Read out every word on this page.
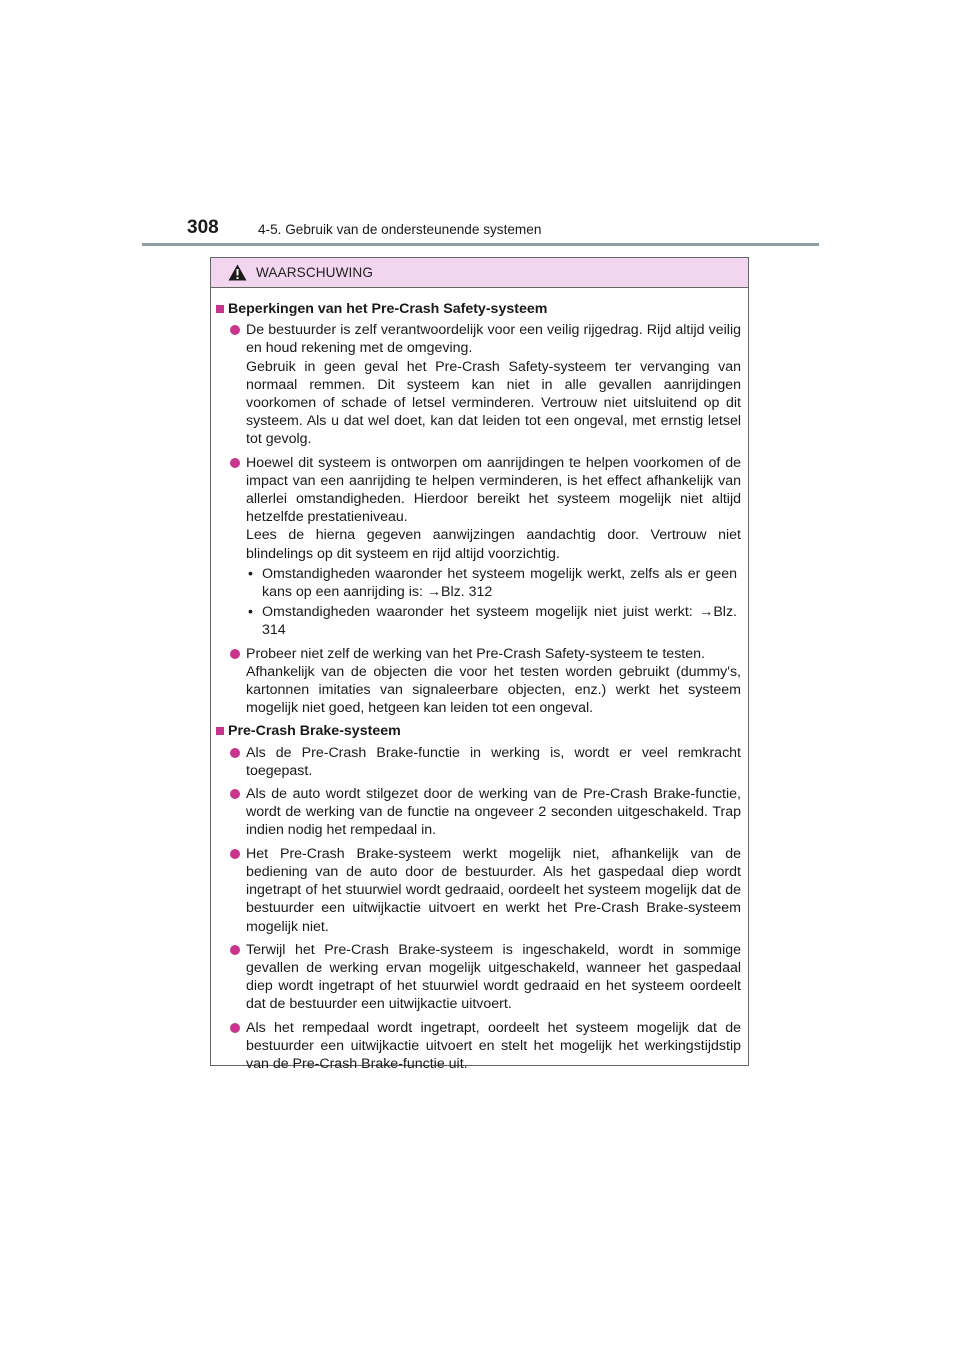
308	4-5. Gebruik van de ondersteunende systemen
WAARSCHUWING
Beperkingen van het Pre-Crash Safety-systeem

De bestuurder is zelf verantwoordelijk voor een veilig rijgedrag. Rijd altijd veilig en houd rekening met de omgeving.

Gebruik in geen geval het Pre-Crash Safety-systeem ter vervanging van normaal remmen. Dit systeem kan niet in alle gevallen aanrijdingen voorkomen of schade of letsel verminderen. Vertrouw niet uitsluitend op dit systeem. Als u dat wel doet, kan dat leiden tot een ongeval, met ernstig letsel tot gevolg.

Hoewel dit systeem is ontworpen om aanrijdingen te helpen voorkomen of de impact van een aanrijding te helpen verminderen, is het effect afhankelijk van allerlei omstandigheden. Hierdoor bereikt het systeem mogelijk niet altijd hetzelfde prestatieniveau.

Lees de hierna gegeven aanwijzingen aandachtig door. Vertrouw niet blindelings op dit systeem en rijd altijd voorzichtig.

• Omstandigheden waaronder het systeem mogelijk werkt, zelfs als er geen kans op een aanrijding is: →Blz. 312
• Omstandigheden waaronder het systeem mogelijk niet juist werkt: →Blz. 314

Probeer niet zelf de werking van het Pre-Crash Safety-systeem te testen.

Afhankelijk van de objecten die voor het testen worden gebruikt (dummy's, kartonnen imitaties van signaleerbare objecten, enz.) werkt het systeem mogelijk niet goed, hetgeen kan leiden tot een ongeval.

Pre-Crash Brake-systeem

Als de Pre-Crash Brake-functie in werking is, wordt er veel remkracht toegepast.

Als de auto wordt stilgezet door de werking van de Pre-Crash Brake-functie, wordt de werking van de functie na ongeveer 2 seconden uitgeschakeld. Trap indien nodig het rempedaal in.

Het Pre-Crash Brake-systeem werkt mogelijk niet, afhankelijk van de bediening van de auto door de bestuurder. Als het gaspedaal diep wordt ingetrapt of het stuurwiel wordt gedraaid, oordeelt het systeem mogelijk dat de bestuurder een uitwijkactie uitvoert en werkt het Pre-Crash Brake-systeem mogelijk niet.

Terwijl het Pre-Crash Brake-systeem is ingeschakeld, wordt in sommige gevallen de werking ervan mogelijk uitgeschakeld, wanneer het gaspedaal diep wordt ingetrapt of het stuurwiel wordt gedraaid en het systeem oordeelt dat de bestuurder een uitwijkactie uitvoert.

Als het rempedaal wordt ingetrapt, oordeelt het systeem mogelijk dat de bestuurder een uitwijkactie uitvoert en stelt het mogelijk het werkingstijdstip van de Pre-Crash Brake-functie uit.
